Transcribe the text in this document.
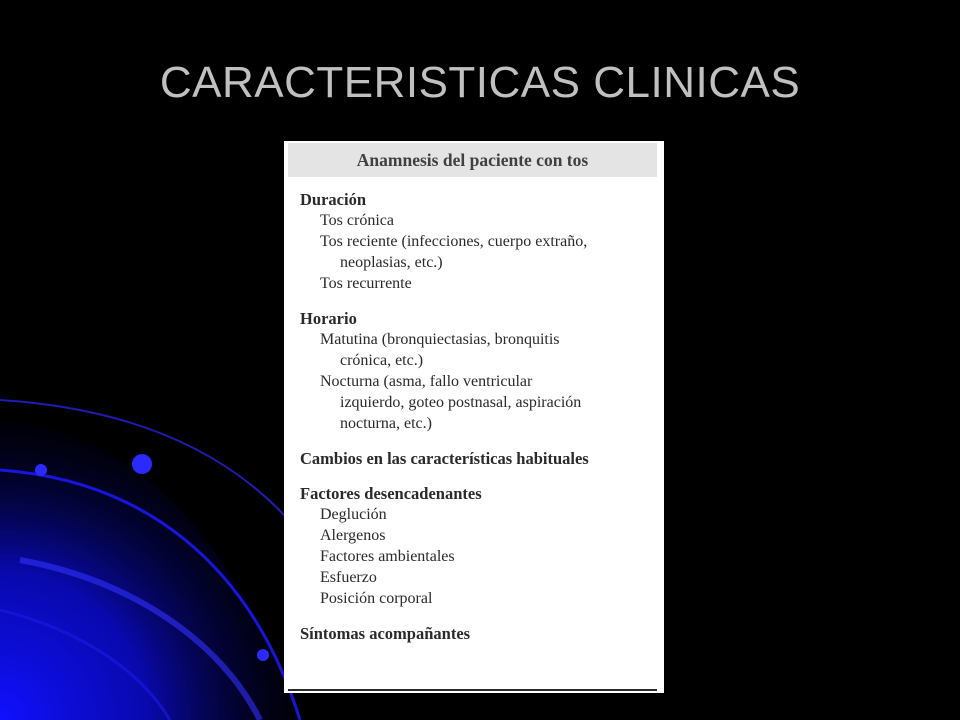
CARACTERISTICAS CLINICAS
Anamnesis del paciente con tos
Duración
Tos crónica
Tos reciente (infecciones, cuerpo extraño,
neoplasias, etc.)
Tos recurrente
Horario
Matutina (bronquiectasias, bronquitis
crónica, etc.)
Nocturna (asma, fallo ventricular
izquierdo, goteo postnasal, aspiración
nocturna, etc.)
Cambios en las características habituales
Factores desencadenantes
Deglución
Alergenos
Factores ambientales
Esfuerzo
Posición corporal
Síntomas acompañantes
